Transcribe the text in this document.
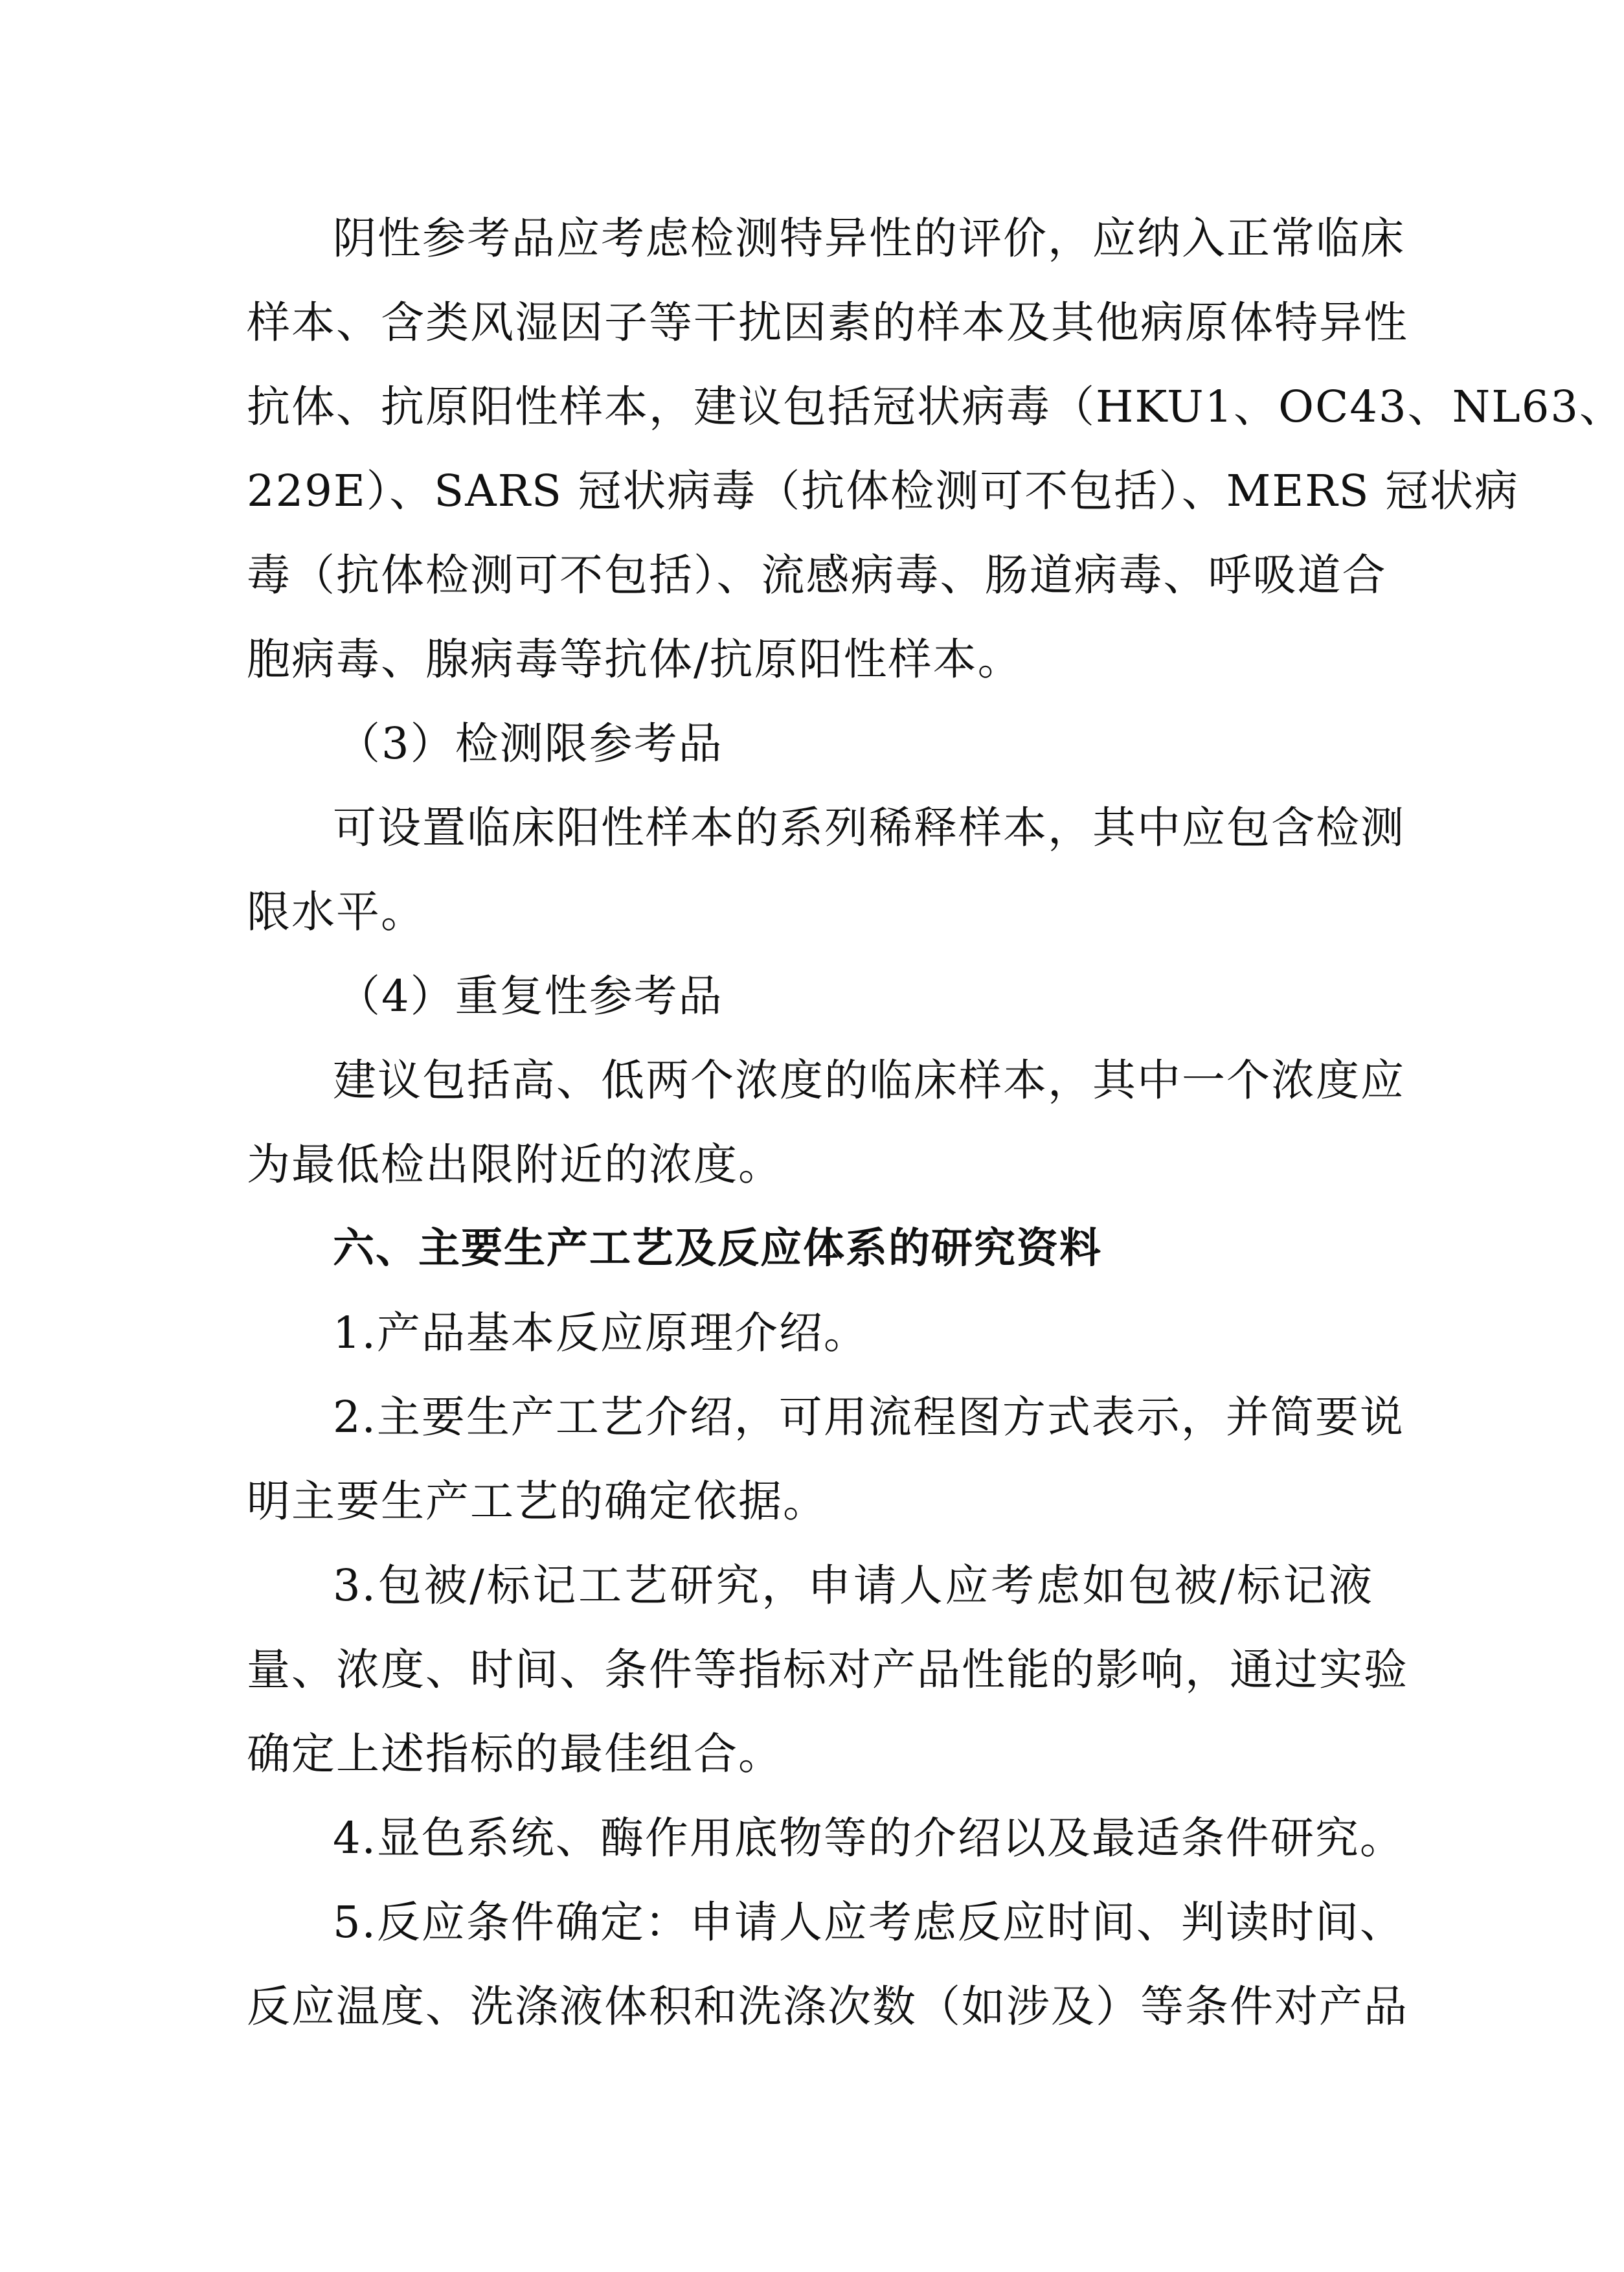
阴性参考品应考虑检测特异性的评价，应纳入正常临床
样本、含类风湿因子等干扰因素的样本及其他病原体特异性
抗体、抗原阳性样本，建议包括冠状病毒（HKU1、OC43、NL63、
229E）、SARS 冠状病毒（抗体检测可不包括）、MERS 冠状病
毒（抗体检测可不包括）、流感病毒、肠道病毒、呼吸道合
胞病毒、腺病毒等抗体/抗原阳性样本。
（3）检测限参考品
可设置临床阳性样本的系列稀释样本，其中应包含检测
限水平。
（4）重复性参考品
建议包括高、低两个浓度的临床样本，其中一个浓度应
为最低检出限附近的浓度。
六、主要生产工艺及反应体系的研究资料
1.产品基本反应原理介绍。
2.主要生产工艺介绍，可用流程图方式表示，并简要说
明主要生产工艺的确定依据。
3.包被/标记工艺研究，申请人应考虑如包被/标记液
量、浓度、时间、条件等指标对产品性能的影响，通过实验
确定上述指标的最佳组合。
4.显色系统、酶作用底物等的介绍以及最适条件研究。
5.反应条件确定：申请人应考虑反应时间、判读时间、
反应温度、洗涤液体积和洗涤次数（如涉及）等条件对产品
